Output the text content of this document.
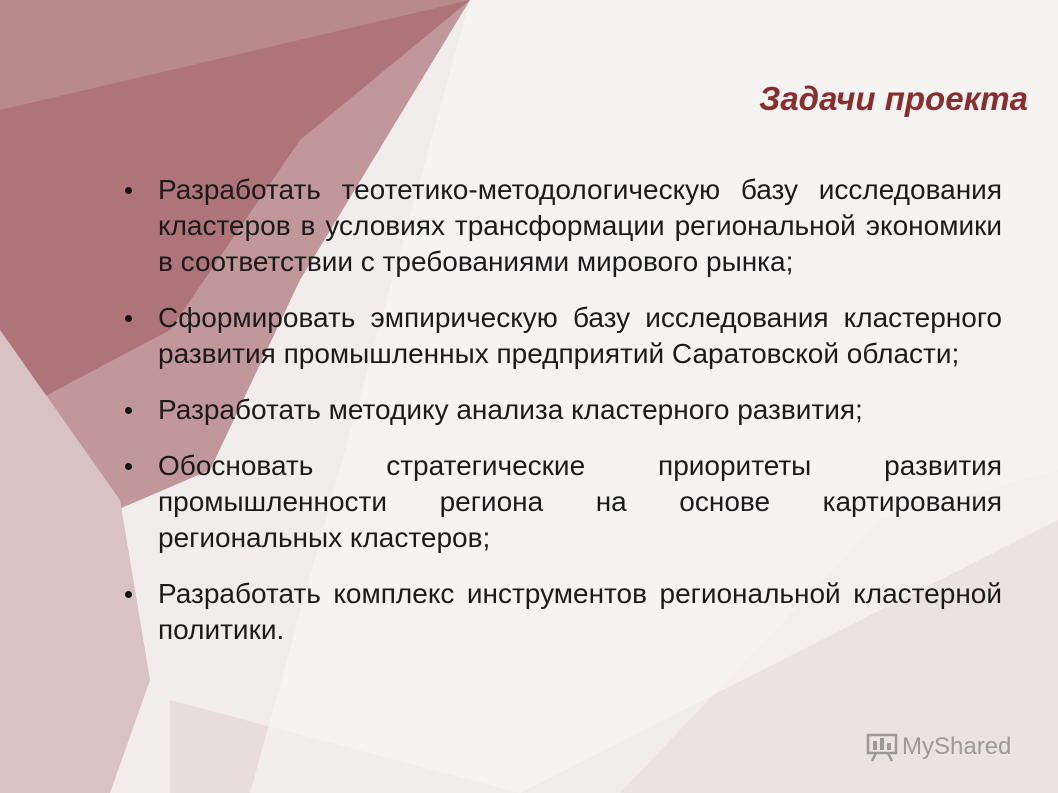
Задачи проекта
Разработать теотетико-методологическую базу исследования кластеров в условиях трансформации региональной экономики в соответствии с требованиями мирового рынка;
Сформировать эмпирическую базу исследования кластерного развития промышленных предприятий Саратовской области;
Разработать методику анализа кластерного развития;
Обосновать стратегические приоритеты развития промышленности региона на основе картирования региональных кластеров;
Разработать комплекс инструментов региональной кластерной политики.
MyShared
